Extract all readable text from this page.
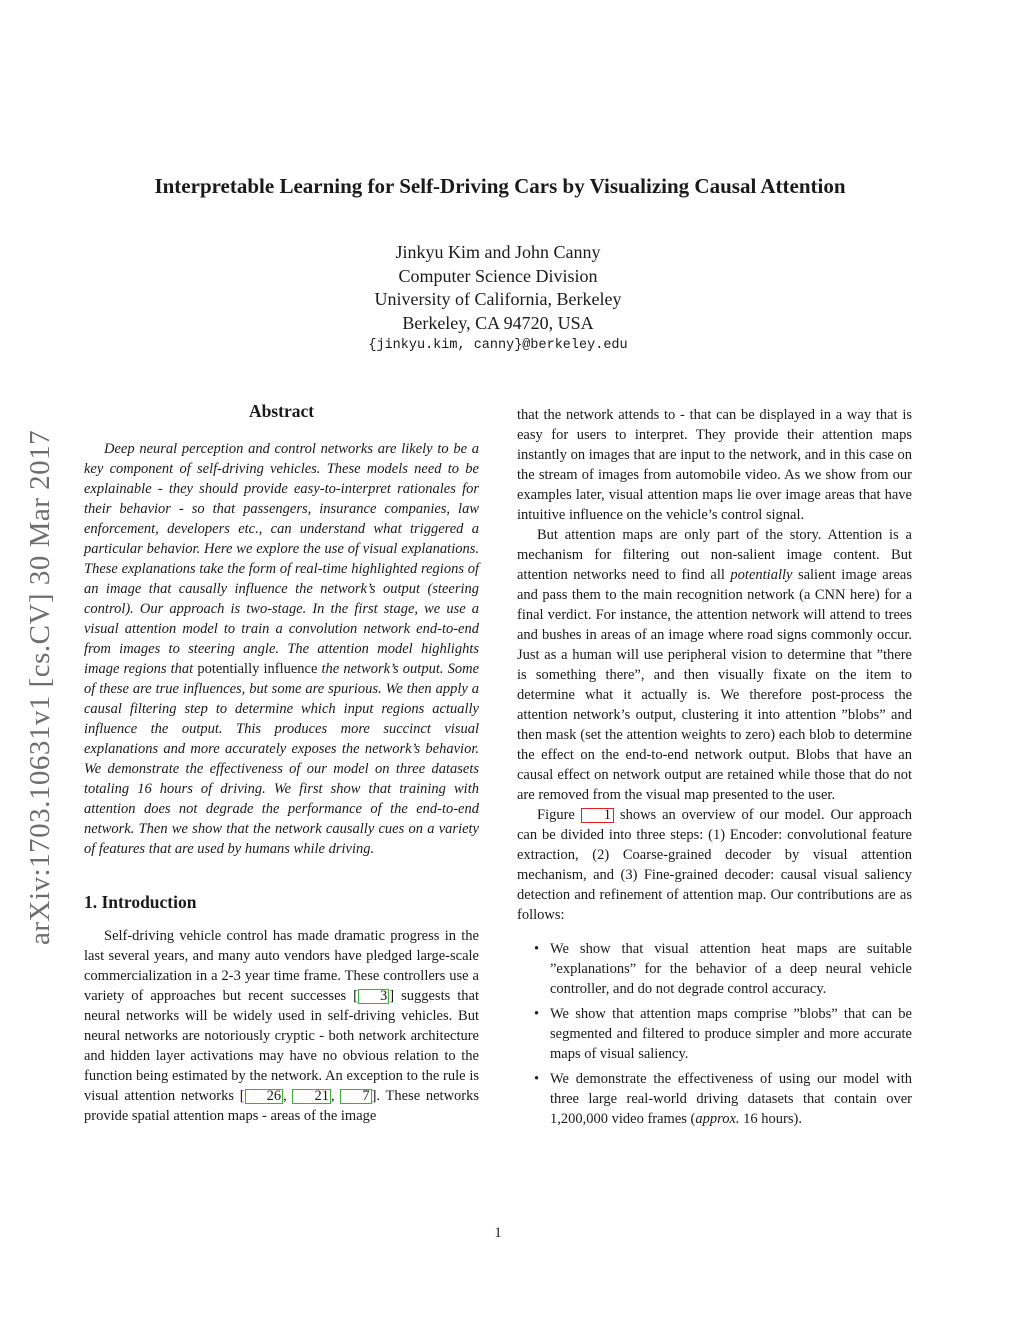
arXiv:1703.10631v1 [cs.CV] 30 Mar 2017
Interpretable Learning for Self-Driving Cars by Visualizing Causal Attention
Jinkyu Kim and John Canny
Computer Science Division
University of California, Berkeley
Berkeley, CA 94720, USA
{jinkyu.kim, canny}@berkeley.edu
Abstract

Deep neural perception and control networks are likely to be a key component of self-driving vehicles. These models need to be explainable - they should provide easy-to-interpret rationales for their behavior - so that passengers, insurance companies, law enforcement, developers etc., can understand what triggered a particular behavior. Here we explore the use of visual explanations. These explanations take the form of real-time highlighted regions of an image that causally influence the network’s output (steering control). Our approach is two-stage. In the first stage, we use a visual attention model to train a convolution network end-to-end from images to steering angle. The attention model highlights image regions that potentially influence the network’s output. Some of these are true influences, but some are spurious. We then apply a causal filtering step to determine which input regions actually influence the output. This produces more succinct visual explanations and more accurately exposes the network’s behavior. We demonstrate the effectiveness of our model on three datasets totaling 16 hours of driving. We first show that training with attention does not degrade the performance of the end-to-end network. Then we show that the network causally cues on a variety of features that are used by humans while driving.

1. Introduction

Self-driving vehicle control has made dramatic progress in the last several years, and many auto vendors have pledged large-scale commercialization in a 2-3 year time frame. These controllers use a variety of approaches but recent successes [ 3 ] suggests that neural networks will be widely used in self-driving vehicles. But neural networks are notoriously cryptic - both network architecture and hidden layer activations may have no obvious relation to the function being estimated by the network. An exception to the rule is visual attention networks [ 26 , 21 , 7 ]. These networks provide spatial attention maps - areas of the image

that the network attends to - that can be displayed in a way that is easy for users to interpret. They provide their attention maps instantly on images that are input to the network, and in this case on the stream of images from automobile video. As we show from our examples later, visual attention maps lie over image areas that have intuitive influence on the vehicle’s control signal.

But attention maps are only part of the story. Attention is a mechanism for filtering out non-salient image content. But attention networks need to find all potentially salient image areas and pass them to the main recognition network (a CNN here) for a final verdict. For instance, the attention network will attend to trees and bushes in areas of an image where road signs commonly occur. Just as a human will use peripheral vision to determine that ”there is something there”, and then visually fixate on the item to determine what it actually is. We therefore post-process the attention network’s output, clustering it into attention ”blobs” and then mask (set the attention weights to zero) each blob to determine the effect on the end-to-end network output. Blobs that have an causal effect on network output are retained while those that do not are removed from the visual map presented to the user.

Figure 1 shows an overview of our model. Our approach can be divided into three steps: (1) Encoder: convolutional feature extraction, (2) Coarse-grained decoder by visual attention mechanism, and (3) Fine-grained decoder: causal visual saliency detection and refinement of attention map. Our contributions are as follows:

• We show that visual attention heat maps are suitable ”explanations” for the behavior of a deep neural vehicle controller, and do not degrade control accuracy.
• We show that attention maps comprise ”blobs” that can be segmented and filtered to produce simpler and more accurate maps of visual saliency.
• We demonstrate the effectiveness of using our model with three large real-world driving datasets that contain over 1,200,000 video frames (approx. 16 hours).
1
